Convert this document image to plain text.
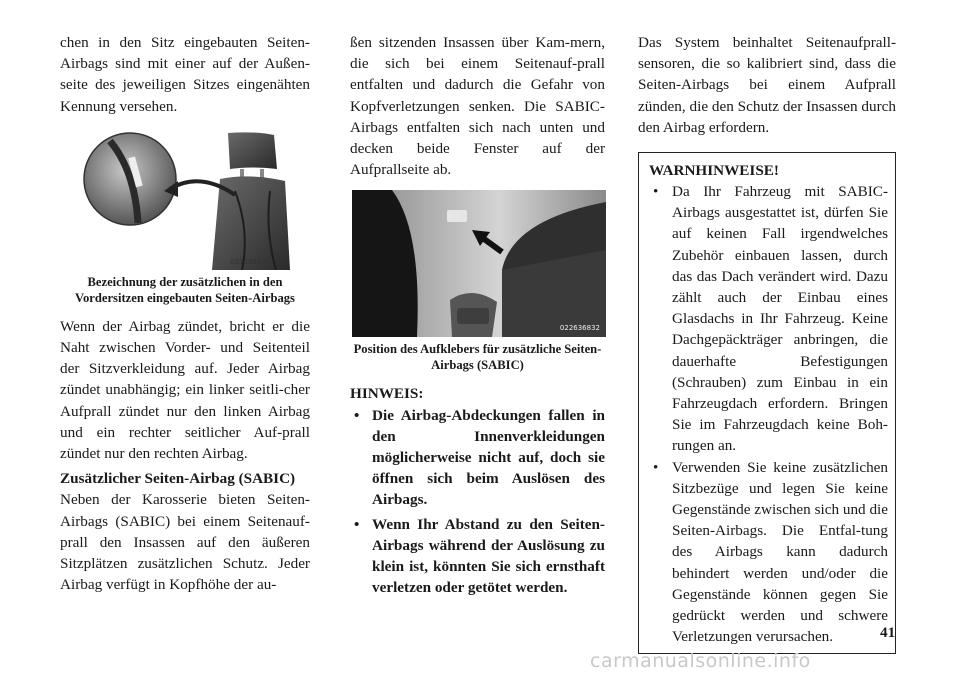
chen in den Sitz eingebauten Seiten-Airbags sind mit einer auf der Außen-seite des jeweiligen Sitzes eingenähten Kennung versehen.

022636831
Bezeichnung der zusätzlichen in den Vordersitzen eingebauten Seiten-Airbags

Wenn der Airbag zündet, bricht er die Naht zwischen Vorder- und Seitenteil der Sitzverkleidung auf. Jeder Airbag zündet unabhängig; ein linker seitli-cher Aufprall zündet nur den linken Airbag und ein rechter seitlicher Auf-prall zündet nur den rechten Airbag.

Zusätzlicher Seiten-Airbag (SABIC)

Neben der Karosserie bieten Seiten-Airbags (SABIC) bei einem Seitenauf-prall den Insassen auf den äußeren Sitzplätzen zusätzlichen Schutz. Jeder Airbag verfügt in Kopfhöhe der au-

ßen sitzenden Insassen über Kam-mern, die sich bei einem Seitenauf-prall entfalten und dadurch die Gefahr von Kopfverletzungen senken. Die SABIC-Airbags entfalten sich nach unten und decken beide Fenster auf der Aufprallseite ab.

022636832
Position des Aufklebers für zusätzliche Seiten-Airbags (SABIC)
HINWEIS:
• Die Airbag-Abdeckungen fallen in den Innenverkleidungen möglicherweise nicht auf, doch sie öffnen sich beim Auslösen des Airbags.
• Wenn Ihr Abstand zu den Seiten-Airbags während der Auslösung zu klein ist, könnten Sie sich ernsthaft verletzen oder getötet werden.

Das System beinhaltet Seitenaufprall-sensoren, die so kalibriert sind, dass die Seiten-Airbags bei einem Aufprall zünden, die den Schutz der Insassen durch den Airbag erfordern.

WARNHINWEISE!
• Da Ihr Fahrzeug mit SABIC-Airbags ausgestattet ist, dürfen Sie auf keinen Fall irgendwelches Zubehör einbauen lassen, durch das das Dach verändert wird. Dazu zählt auch der Einbau eines Glasdachs in Ihr Fahrzeug. Keine Dachgepäckträger anbringen, die dauerhafte Befestigungen (Schrauben) zum Einbau in ein Fahrzeugdach erfordern. Bringen Sie im Fahrzeugdach keine Boh-rungen an.
• Verwenden Sie keine zusätzlichen Sitzbezüge und legen Sie keine Gegenstände zwischen sich und die Seiten-Airbags. Die Entfal-tung des Airbags kann dadurch behindert werden und/oder die Gegenstände können gegen Sie gedrückt werden und schwere Verletzungen verursachen.	41
carmanualsonline.info
